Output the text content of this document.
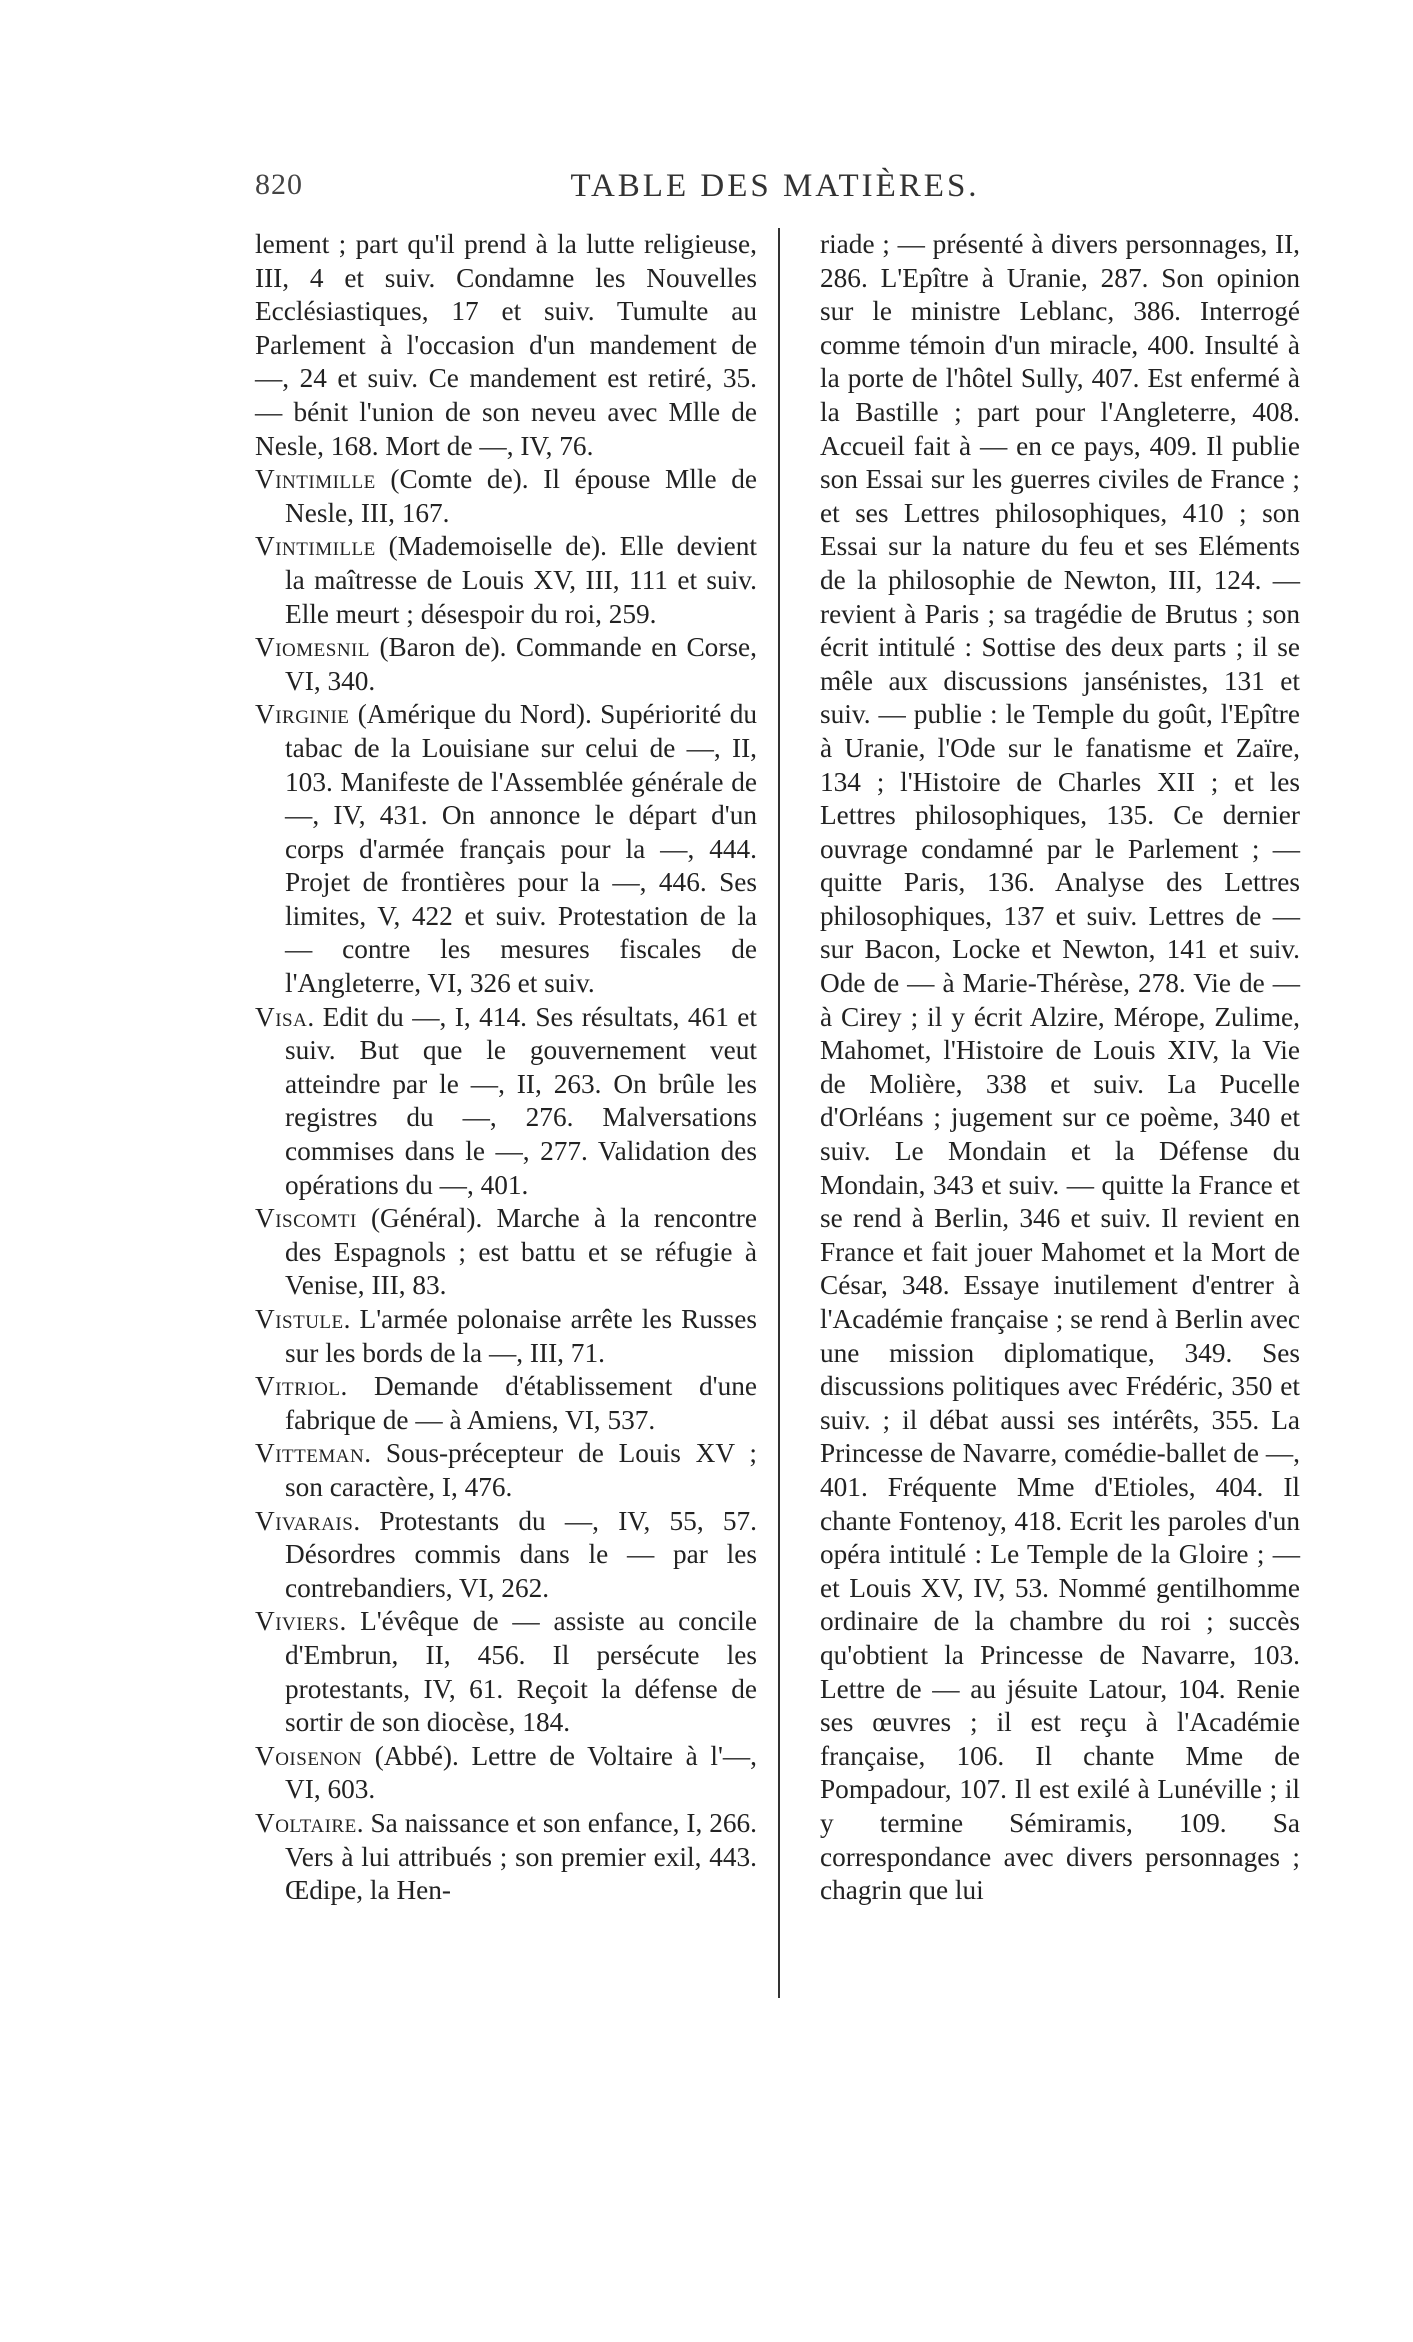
820	TABLE DES MATIÈRES.

lement ; part qu'il prend à la lutte religieuse, III, 4 et suiv. Condamne les Nouvelles Ecclésiastiques, 17 et suiv. Tumulte au Parlement à l'occasion d'un mandement de —, 24 et suiv. Ce mandement est retiré, 35. — bénit l'union de son neveu avec Mlle de Nesle, 168. Mort de —, IV, 76.

Vintimille (Comte de). Il épouse Mlle de Nesle, III, 167.

Vintimille (Mademoiselle de). Elle devient la maîtresse de Louis XV, III, 111 et suiv. Elle meurt ; désespoir du roi, 259.

Viomesnil (Baron de). Commande en Corse, VI, 340.

Virginie (Amérique du Nord). Supériorité du tabac de la Louisiane sur celui de —, II, 103. Manifeste de l'Assemblée générale de —, IV, 431. On annonce le départ d'un corps d'armée français pour la —, 444. Projet de frontières pour la —, 446. Ses limites, V, 422 et suiv. Protestation de la — contre les mesures fiscales de l'Angleterre, VI, 326 et suiv.

Visa. Edit du —, I, 414. Ses résultats, 461 et suiv. But que le gouvernement veut atteindre par le —, II, 263. On brûle les registres du —, 276. Malversations commises dans le —, 277. Validation des opérations du —, 401.

Viscomti (Général). Marche à la rencontre des Espagnols ; est battu et se réfugie à Venise, III, 83.

Vistule. L'armée polonaise arrête les Russes sur les bords de la —, III, 71.

Vitriol. Demande d'établissement d'une fabrique de — à Amiens, VI, 537.

Vitteman. Sous-précepteur de Louis XV ; son caractère, I, 476.

Vivarais. Protestants du —, IV, 55, 57. Désordres commis dans le — par les contrebandiers, VI, 262.

Viviers. L'évêque de — assiste au concile d'Embrun, II, 456. Il persécute les protestants, IV, 61. Reçoit la défense de sortir de son diocèse, 184.

Voisenon (Abbé). Lettre de Voltaire à l'—, VI, 603.

Voltaire. Sa naissance et son enfance, I, 266. Vers à lui attribués ; son premier exil, 443. Œdipe, la Hen-

riade ; — présenté à divers personnages, II, 286. L'Epître à Uranie, 287. Son opinion sur le ministre Leblanc, 386. Interrogé comme témoin d'un miracle, 400. Insulté à la porte de l'hôtel Sully, 407. Est enfermé à la Bastille ; part pour l'Angleterre, 408. Accueil fait à — en ce pays, 409. Il publie son Essai sur les guerres civiles de France ; et ses Lettres philosophiques, 410 ; son Essai sur la nature du feu et ses Eléments de la philosophie de Newton, III, 124. — revient à Paris ; sa tragédie de Brutus ; son écrit intitulé : Sottise des deux parts ; il se mêle aux discussions jansénistes, 131 et suiv. — publie : le Temple du goût, l'Epître à Uranie, l'Ode sur le fanatisme et Zaïre, 134 ; l'Histoire de Charles XII ; et les Lettres philosophiques, 135. Ce dernier ouvrage condamné par le Parlement ; — quitte Paris, 136. Analyse des Lettres philosophiques, 137 et suiv. Lettres de — sur Bacon, Locke et Newton, 141 et suiv. Ode de — à Marie-Thérèse, 278. Vie de — à Cirey ; il y écrit Alzire, Mérope, Zulime, Mahomet, l'Histoire de Louis XIV, la Vie de Molière, 338 et suiv. La Pucelle d'Orléans ; jugement sur ce poème, 340 et suiv. Le Mondain et la Défense du Mondain, 343 et suiv. — quitte la France et se rend à Berlin, 346 et suiv. Il revient en France et fait jouer Mahomet et la Mort de César, 348. Essaye inutilement d'entrer à l'Académie française ; se rend à Berlin avec une mission diplomatique, 349. Ses discussions politiques avec Frédéric, 350 et suiv. ; il débat aussi ses intérêts, 355. La Princesse de Navarre, comédie-ballet de —, 401. Fréquente Mme d'Etioles, 404. Il chante Fontenoy, 418. Ecrit les paroles d'un opéra intitulé : Le Temple de la Gloire ; — et Louis XV, IV, 53. Nommé gentilhomme ordinaire de la chambre du roi ; succès qu'obtient la Princesse de Navarre, 103. Lettre de — au jésuite Latour, 104. Renie ses œuvres ; il est reçu à l'Académie française, 106. Il chante Mme de Pompadour, 107. Il est exilé à Lunéville ; il y termine Sémiramis, 109. Sa correspondance avec divers personnages ; chagrin que lui
